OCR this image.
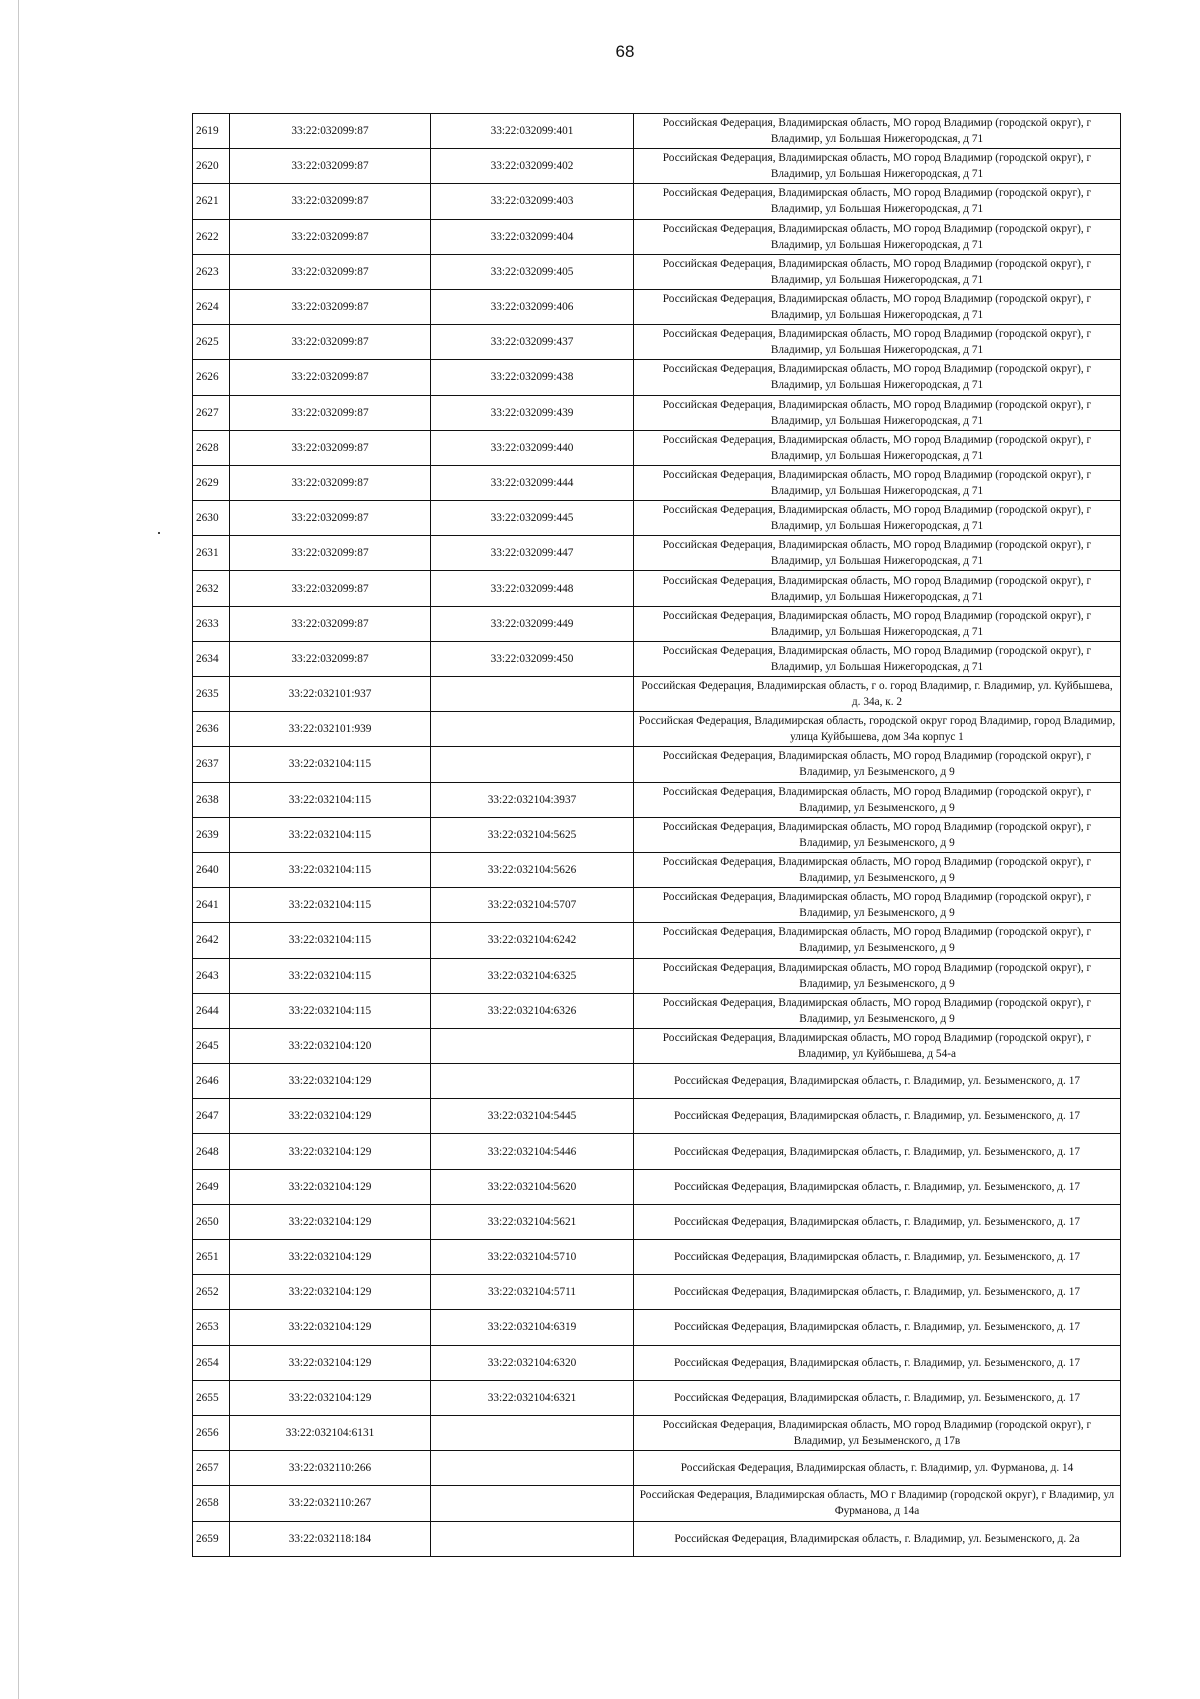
68
2619	33:22:032099:87	33:22:032099:401	Российская Федерация, Владимирская область, МО город Владимир (городской округ), г Владимир, ул Большая Нижегородская, д 71
2620	33:22:032099:87	33:22:032099:402	Российская Федерация, Владимирская область, МО город Владимир (городской округ), г Владимир, ул Большая Нижегородская, д 71
2621	33:22:032099:87	33:22:032099:403	Российская Федерация, Владимирская область, МО город Владимир (городской округ), г Владимир, ул Большая Нижегородская, д 71
2622	33:22:032099:87	33:22:032099:404	Российская Федерация, Владимирская область, МО город Владимир (городской округ), г Владимир, ул Большая Нижегородская, д 71
2623	33:22:032099:87	33:22:032099:405	Российская Федерация, Владимирская область, МО город Владимир (городской округ), г Владимир, ул Большая Нижегородская, д 71
2624	33:22:032099:87	33:22:032099:406	Российская Федерация, Владимирская область, МО город Владимир (городской округ), г Владимир, ул Большая Нижегородская, д 71
2625	33:22:032099:87	33:22:032099:437	Российская Федерация, Владимирская область, МО город Владимир (городской округ), г Владимир, ул Большая Нижегородская, д 71
2626	33:22:032099:87	33:22:032099:438	Российская Федерация, Владимирская область, МО город Владимир (городской округ), г Владимир, ул Большая Нижегородская, д 71
2627	33:22:032099:87	33:22:032099:439	Российская Федерация, Владимирская область, МО город Владимир (городской округ), г Владимир, ул Большая Нижегородская, д 71
2628	33:22:032099:87	33:22:032099:440	Российская Федерация, Владимирская область, МО город Владимир (городской округ), г Владимир, ул Большая Нижегородская, д 71
2629	33:22:032099:87	33:22:032099:444	Российская Федерация, Владимирская область, МО город Владимир (городской округ), г Владимир, ул Большая Нижегородская, д 71
2630	33:22:032099:87	33:22:032099:445	Российская Федерация, Владимирская область, МО город Владимир (городской округ), г Владимир, ул Большая Нижегородская, д 71
2631	33:22:032099:87	33:22:032099:447	Российская Федерация, Владимирская область, МО город Владимир (городской округ), г Владимир, ул Большая Нижегородская, д 71
2632	33:22:032099:87	33:22:032099:448	Российская Федерация, Владимирская область, МО город Владимир (городской округ), г Владимир, ул Большая Нижегородская, д 71
2633	33:22:032099:87	33:22:032099:449	Российская Федерация, Владимирская область, МО город Владимир (городской округ), г Владимир, ул Большая Нижегородская, д 71
2634	33:22:032099:87	33:22:032099:450	Российская Федерация, Владимирская область, МО город Владимир (городской округ), г Владимир, ул Большая Нижегородская, д 71
2635	33:22:032101:937		Российская Федерация, Владимирская область, г о. город Владимир, г. Владимир, ул. Куйбышева, д. 34а, к. 2
2636	33:22:032101:939		Российская Федерация, Владимирская область, городской округ город Владимир, город Владимир, улица Куйбышева, дом 34а корпус 1
2637	33:22:032104:115		Российская Федерация, Владимирская область, МО город Владимир (городской округ), г Владимир, ул Безыменского, д 9
2638	33:22:032104:115	33:22:032104:3937	Российская Федерация, Владимирская область, МО город Владимир (городской округ), г Владимир, ул Безыменского, д 9
2639	33:22:032104:115	33:22:032104:5625	Российская Федерация, Владимирская область, МО город Владимир (городской округ), г Владимир, ул Безыменского, д 9
2640	33:22:032104:115	33:22:032104:5626	Российская Федерация, Владимирская область, МО город Владимир (городской округ), г Владимир, ул Безыменского, д 9
2641	33:22:032104:115	33:22:032104:5707	Российская Федерация, Владимирская область, МО город Владимир (городской округ), г Владимир, ул Безыменского, д 9
2642	33:22:032104:115	33:22:032104:6242	Российская Федерация, Владимирская область, МО город Владимир (городской округ), г Владимир, ул Безыменского, д 9
2643	33:22:032104:115	33:22:032104:6325	Российская Федерация, Владимирская область, МО город Владимир (городской округ), г Владимир, ул Безыменского, д 9
2644	33:22:032104:115	33:22:032104:6326	Российская Федерация, Владимирская область, МО город Владимир (городской округ), г Владимир, ул Безыменского, д 9
2645	33:22:032104:120		Российская Федерация, Владимирская область, МО город Владимир (городской округ), г Владимир, ул Куйбышева, д 54-а
2646	33:22:032104:129		Российская Федерация, Владимирская область, г. Владимир, ул. Безыменского, д. 17
2647	33:22:032104:129	33:22:032104:5445	Российская Федерация, Владимирская область, г. Владимир, ул. Безыменского, д. 17
2648	33:22:032104:129	33:22:032104:5446	Российская Федерация, Владимирская область, г. Владимир, ул. Безыменского, д. 17
2649	33:22:032104:129	33:22:032104:5620	Российская Федерация, Владимирская область, г. Владимир, ул. Безыменского, д. 17
2650	33:22:032104:129	33:22:032104:5621	Российская Федерация, Владимирская область, г. Владимир, ул. Безыменского, д. 17
2651	33:22:032104:129	33:22:032104:5710	Российская Федерация, Владимирская область, г. Владимир, ул. Безыменского, д. 17
2652	33:22:032104:129	33:22:032104:5711	Российская Федерация, Владимирская область, г. Владимир, ул. Безыменского, д. 17
2653	33:22:032104:129	33:22:032104:6319	Российская Федерация, Владимирская область, г. Владимир, ул. Безыменского, д. 17
2654	33:22:032104:129	33:22:032104:6320	Российская Федерация, Владимирская область, г. Владимир, ул. Безыменского, д. 17
2655	33:22:032104:129	33:22:032104:6321	Российская Федерация, Владимирская область, г. Владимир, ул. Безыменского, д. 17
2656	33:22:032104:6131		Российская Федерация, Владимирская область, МО город Владимир (городской округ), г Владимир, ул Безыменского, д 17в
2657	33:22:032110:266		Российская Федерация, Владимирская область, г. Владимир, ул. Фурманова, д. 14
2658	33:22:032110:267		Российская Федерация, Владимирская область, МО г Владимир (городской округ), г Владимир, ул Фурманова, д 14а
2659	33:22:032118:184		Российская Федерация, Владимирская область, г. Владимир, ул. Безыменского, д. 2а
